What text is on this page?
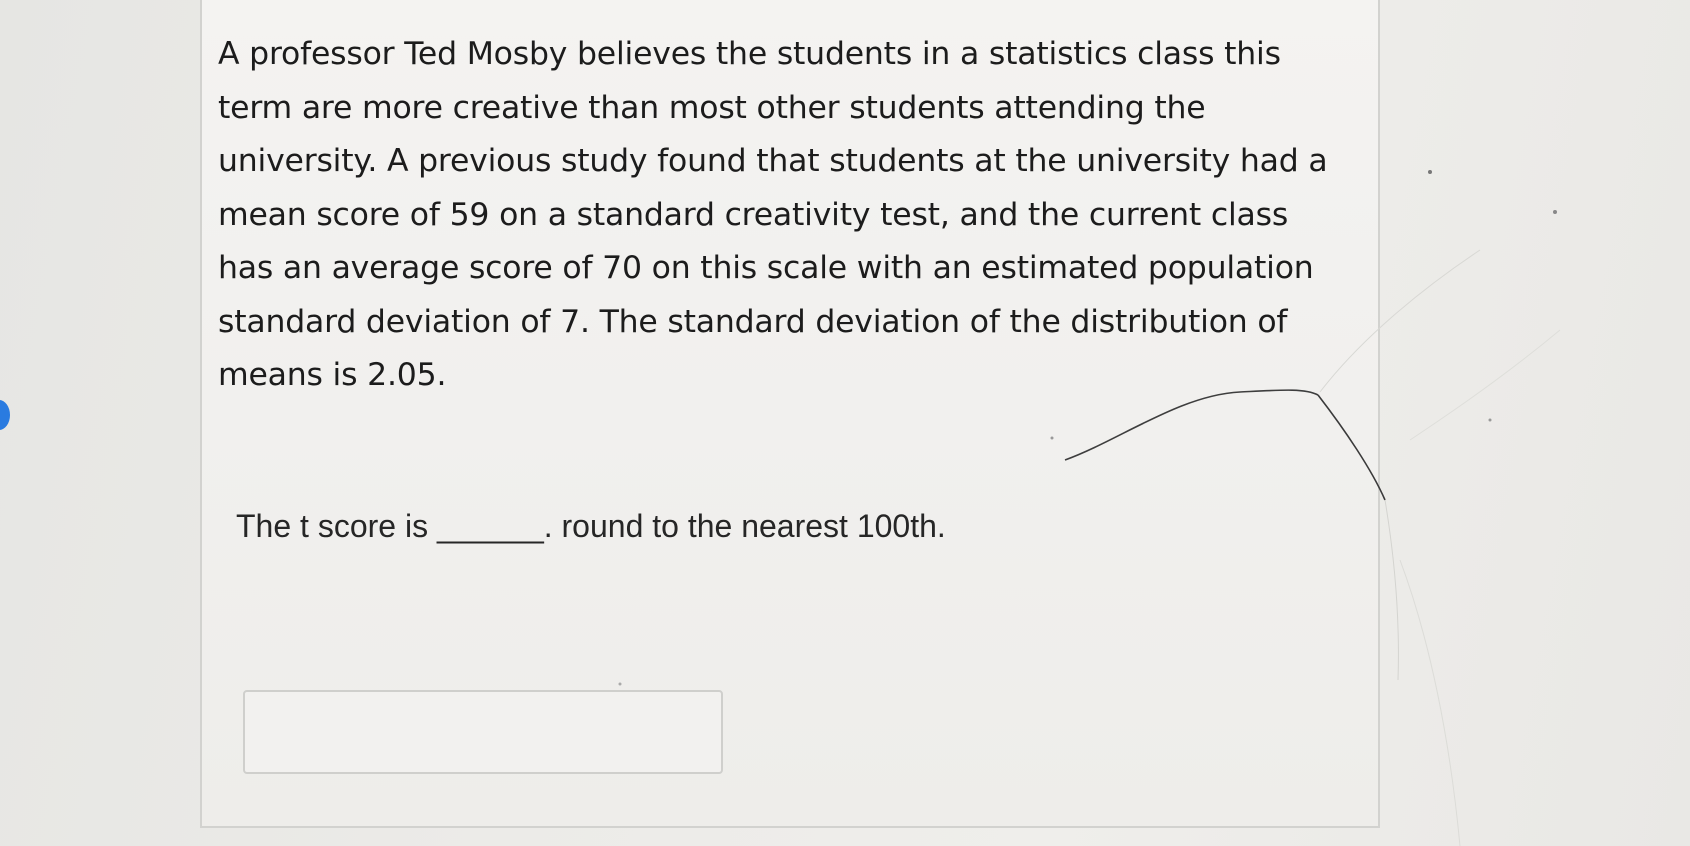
A professor Ted Mosby believes the students in a statistics class this term are more creative than most other students attending the university. A previous study found that students at the university had a mean score of 59 on a standard creativity test, and the current class has an average score of 70 on this scale with an estimated population standard deviation of 7. The standard deviation of the distribution of means is 2.05.

The t score is ______. round to the nearest 100th.
